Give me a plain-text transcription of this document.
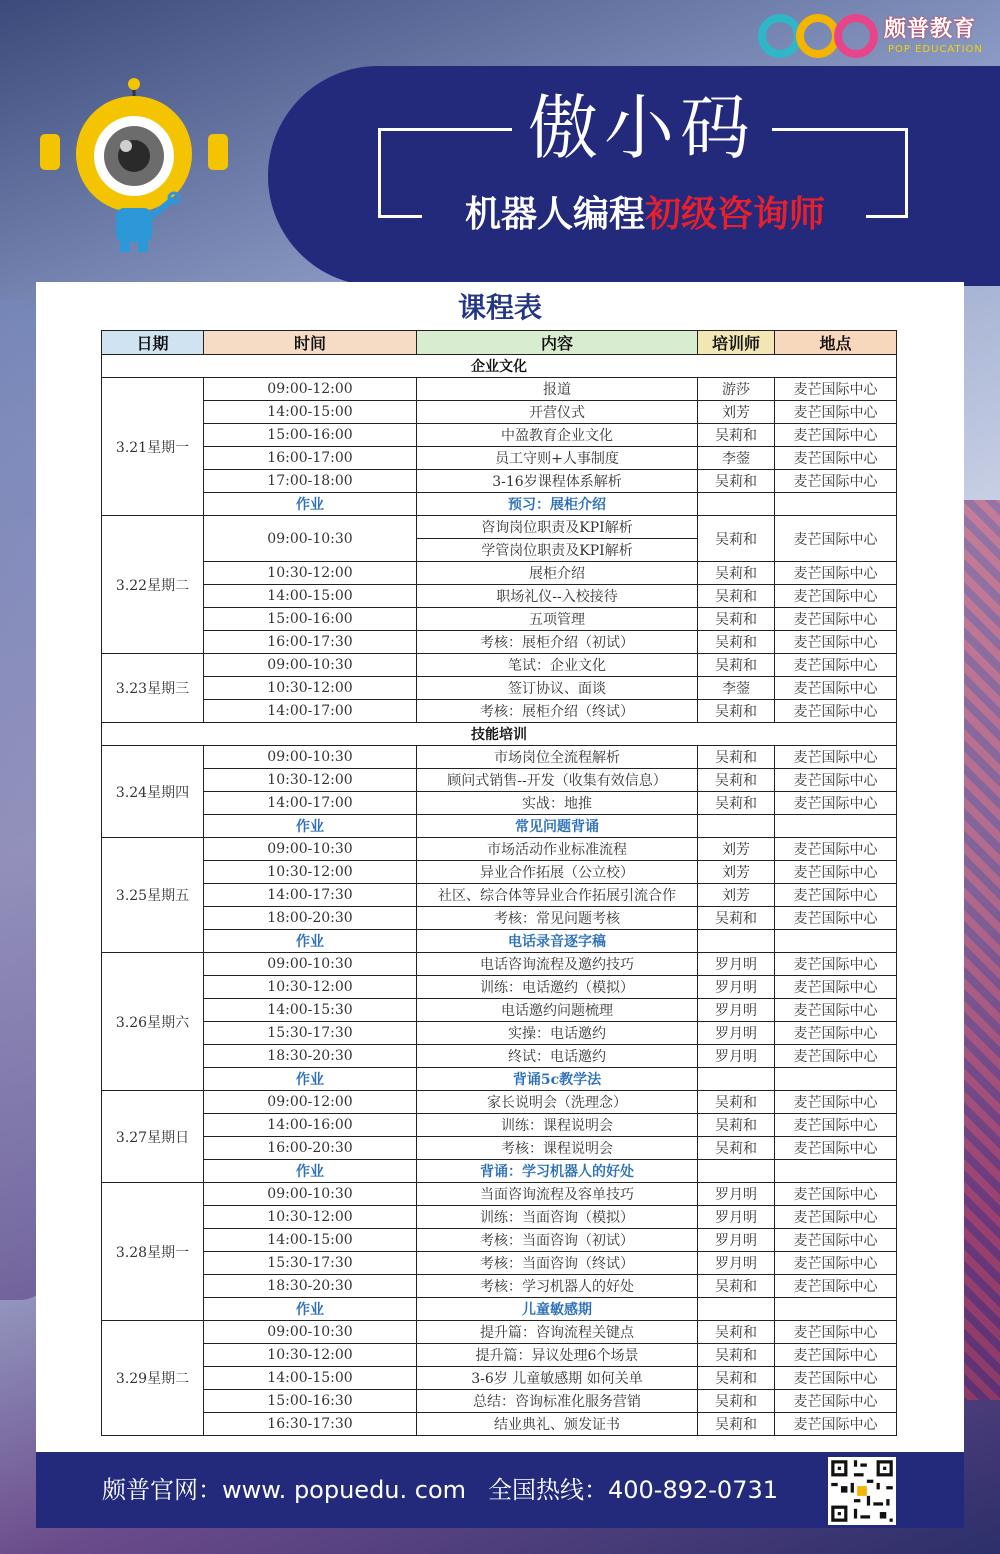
颇普教育
POP EDUCATION
傲小码
机器人编程初级咨询师
课程表
日期	时间	内容	培训师	地点
企业文化				
3.21星期一	09:00-12:00	报道	游莎	麦芒国际中心
	14:00-15:00	开营仪式	刘芳	麦芒国际中心
	15:00-16:00	中盈教育企业文化	吴莉和	麦芒国际中心
	16:00-17:00	员工守则+人事制度	李蓥	麦芒国际中心
	17:00-18:00	3-16岁课程体系解析	吴莉和	麦芒国际中心
	作业	预习：展柜介绍		
3.22星期二	09:00-10:30	咨询岗位职责及KPI解析	吴莉和	麦芒国际中心
		学管岗位职责及KPI解析		
	10:30-12:00	展柜介绍	吴莉和	麦芒国际中心
	14:00-15:00	职场礼仪--入校接待	吴莉和	麦芒国际中心
	15:00-16:00	五项管理	吴莉和	麦芒国际中心
	16:00-17:30	考核：展柜介绍（初试）	吴莉和	麦芒国际中心
3.23星期三	09:00-10:30	笔试：企业文化	吴莉和	麦芒国际中心
	10:30-12:00	签订协议、面谈	李蓥	麦芒国际中心
	14:00-17:00	考核：展柜介绍（终试）	吴莉和	麦芒国际中心
技能培训				
3.24星期四	09:00-10:30	市场岗位全流程解析	吴莉和	麦芒国际中心
	10:30-12:00	顾问式销售--开发（收集有效信息）	吴莉和	麦芒国际中心
	14:00-17:00	实战：地推	吴莉和	麦芒国际中心
	作业	常见问题背诵		
3.25星期五	09:00-10:30	市场活动作业标准流程	刘芳	麦芒国际中心
	10:30-12:00	异业合作拓展（公立校）	刘芳	麦芒国际中心
	14:00-17:30	社区、综合体等异业合作拓展引流合作	刘芳	麦芒国际中心
	18:00-20:30	考核：常见问题考核	吴莉和	麦芒国际中心
	作业	电话录音逐字稿		
3.26星期六	09:00-10:30	电话咨询流程及邀约技巧	罗月明	麦芒国际中心
	10:30-12:00	训练：电话邀约（模拟）	罗月明	麦芒国际中心
	14:00-15:30	电话邀约问题梳理	罗月明	麦芒国际中心
	15:30-17:30	实操：电话邀约	罗月明	麦芒国际中心
	18:30-20:30	终试：电话邀约	罗月明	麦芒国际中心
	作业	背诵5c教学法		
3.27星期日	09:00-12:00	家长说明会（洗理念）	吴莉和	麦芒国际中心
	14:00-16:00	训练：课程说明会	吴莉和	麦芒国际中心
	16:00-20:30	考核：课程说明会	吴莉和	麦芒国际中心
	作业	背诵：学习机器人的好处		
3.28星期一	09:00-10:30	当面咨询流程及容单技巧	罗月明	麦芒国际中心
	10:30-12:00	训练：当面咨询（模拟）	罗月明	麦芒国际中心
	14:00-15:00	考核：当面咨询（初试）	罗月明	麦芒国际中心
	15:30-17:30	考核：当面咨询（终试）	罗月明	麦芒国际中心
	18:30-20:30	考核：学习机器人的好处	吴莉和	麦芒国际中心
	作业	儿童敏感期		
3.29星期二	09:00-10:30	提升篇：咨询流程关键点	吴莉和	麦芒国际中心
	10:30-12:00	提升篇：异议处理6个场景	吴莉和	麦芒国际中心
	14:00-15:00	3-6岁 儿童敏感期 如何关单	吴莉和	麦芒国际中心
	15:00-16:30	总结：咨询标准化服务营销	吴莉和	麦芒国际中心
	16:30-17:30	结业典礼、颁发证书	吴莉和	麦芒国际中心
颇普官网：www. popuedu. com 全国热线：400-892-0731
